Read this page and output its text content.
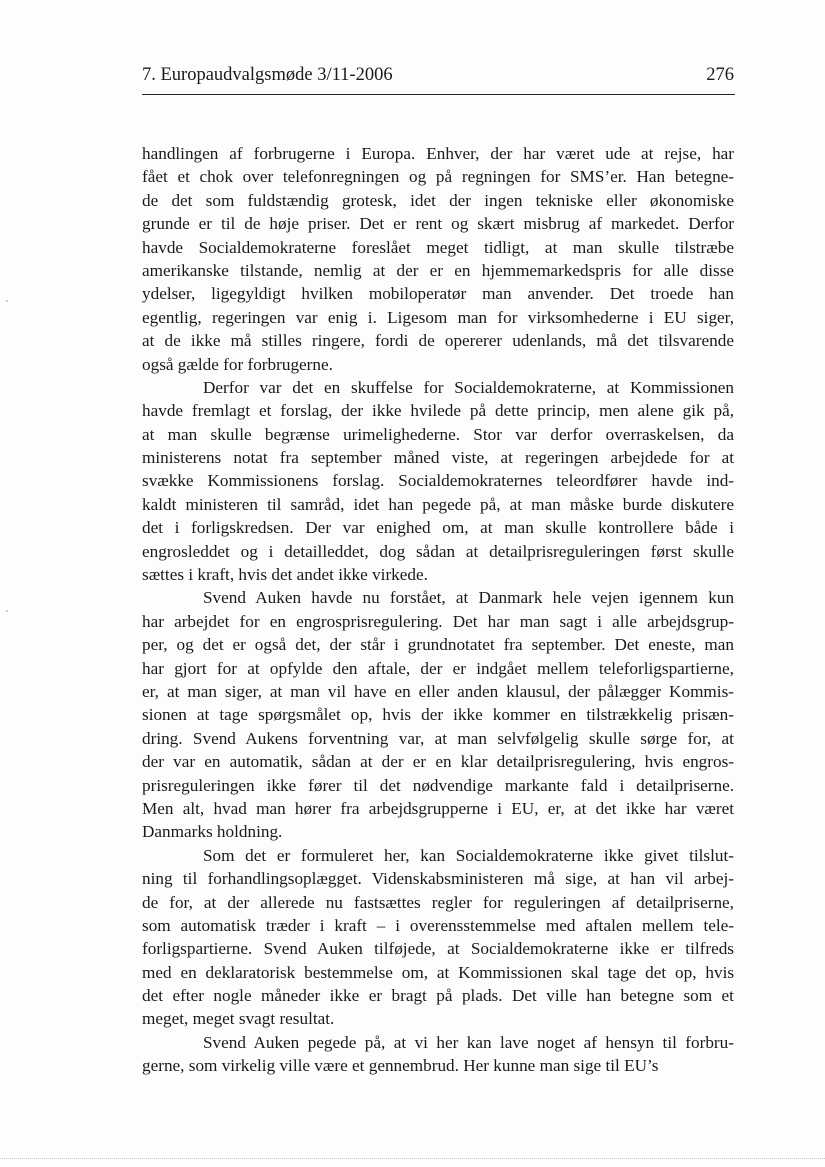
7. Europaudvalgsmøde 3/11-2006	276
handlingen af forbrugerne i Europa. Enhver, der har været ude at rejse, har
fået et chok over telefonregningen og på regningen for SMS’er. Han betegne-
de det som fuldstændig grotesk, idet der ingen tekniske eller økonomiske
grunde er til de høje priser. Det er rent og skært misbrug af markedet. Derfor
havde Socialdemokraterne foreslået meget tidligt, at man skulle tilstræbe
amerikanske tilstande, nemlig at der er en hjemmemarkedspris for alle disse
ydelser, ligegyldigt hvilken mobiloperatør man anvender. Det troede han
egentlig, regeringen var enig i. Ligesom man for virksomhederne i EU siger,
at de ikke må stilles ringere, fordi de opererer udenlands, må det tilsvarende
også gælde for forbrugerne.
Derfor var det en skuffelse for Socialdemokraterne, at Kommissionen
havde fremlagt et forslag, der ikke hvilede på dette princip, men alene gik på,
at man skulle begrænse urimelighederne. Stor var derfor overraskelsen, da
ministerens notat fra september måned viste, at regeringen arbejdede for at
svække Kommissionens forslag. Socialdemokraternes teleordfører havde ind-
kaldt ministeren til samråd, idet han pegede på, at man måske burde diskutere
det i forligskredsen. Der var enighed om, at man skulle kontrollere både i
engrosleddet og i detailleddet, dog sådan at detailprisreguleringen først skulle
sættes i kraft, hvis det andet ikke virkede.
Svend Auken havde nu forstået, at Danmark hele vejen igennem kun
har arbejdet for en engrosprisregulering. Det har man sagt i alle arbejdsgrup-
per, og det er også det, der står i grundnotatet fra september. Det eneste, man
har gjort for at opfylde den aftale, der er indgået mellem teleforligspartierne,
er, at man siger, at man vil have en eller anden klausul, der pålægger Kommis-
sionen at tage spørgsmålet op, hvis der ikke kommer en tilstrækkelig prisæn-
dring. Svend Aukens forventning var, at man selvfølgelig skulle sørge for, at
der var en automatik, sådan at der er en klar detailprisregulering, hvis engros-
prisreguleringen ikke fører til det nødvendige markante fald i detailpriserne.
Men alt, hvad man hører fra arbejdsgrupperne i EU, er, at det ikke har været
Danmarks holdning.
Som det er formuleret her, kan Socialdemokraterne ikke givet tilslut-
ning til forhandlingsoplægget. Videnskabsministeren må sige, at han vil arbej-
de for, at der allerede nu fastsættes regler for reguleringen af detailpriserne,
som automatisk træder i kraft – i overensstemmelse med aftalen mellem tele-
forligspartierne. Svend Auken tilføjede, at Socialdemokraterne ikke er tilfreds
med en deklaratorisk bestemmelse om, at Kommissionen skal tage det op, hvis
det efter nogle måneder ikke er bragt på plads. Det ville han betegne som et
meget, meget svagt resultat.
Svend Auken pegede på, at vi her kan lave noget af hensyn til forbru-
gerne, som virkelig ville være et gennembrud. Her kunne man sige til EU’s
